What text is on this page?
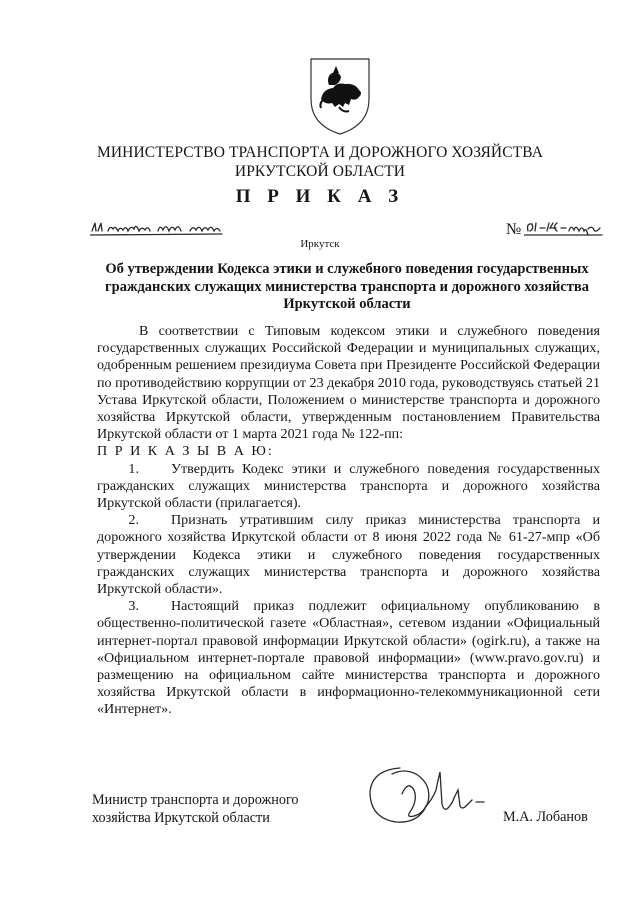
МИНИСТЕРСТВО ТРАНСПОРТА И ДОРОЖНОГО ХОЗЯЙСТВА
ИРКУТСКОЙ ОБЛАСТИ
П Р И К А З
№
Иркутск
Об утверждении Кодекса этики и служебного поведения государственных гражданских служащих министерства транспорта и дорожного хозяйства Иркутской области

В соответствии с Типовым кодексом этики и служебного поведения государственных служащих Российской Федерации и муниципальных служащих, одобренным решением президиума Совета при Президенте Российской Федерации по противодействию коррупции от 23 декабря 2010 года, руководствуясь статьей 21 Устава Иркутской области, Положением о министерстве транспорта и дорожного хозяйства Иркутской области, утвержденным постановлением Правительства Иркутской области от 1 марта 2021 года № 122-пп:

П Р И К А З Ы В А Ю:

1. Утвердить Кодекс этики и служебного поведения государственных гражданских служащих министерства транспорта и дорожного хозяйства Иркутской области (прилагается).

2. Признать утратившим силу приказ министерства транспорта и дорожного хозяйства Иркутской области от 8 июня 2022 года № 61-27-мпр «Об утверждении Кодекса этики и служебного поведения государственных гражданских служащих министерства транспорта и дорожного хозяйства Иркутской области».

3. Настоящий приказ подлежит официальному опубликованию в общественно-политической газете «Областная», сетевом издании «Официальный интернет-портал правовой информации Иркутской области» (ogirk.ru), а также на «Официальном интернет-портале правовой информации» (www.pravo.gov.ru) и размещению на официальном сайте министерства транспорта и дорожного хозяйства Иркутской области в информационно-телекоммуникационной сети «Интернет».

Министр транспорта и дорожного
хозяйства Иркутской области	М.А. Лобанов
